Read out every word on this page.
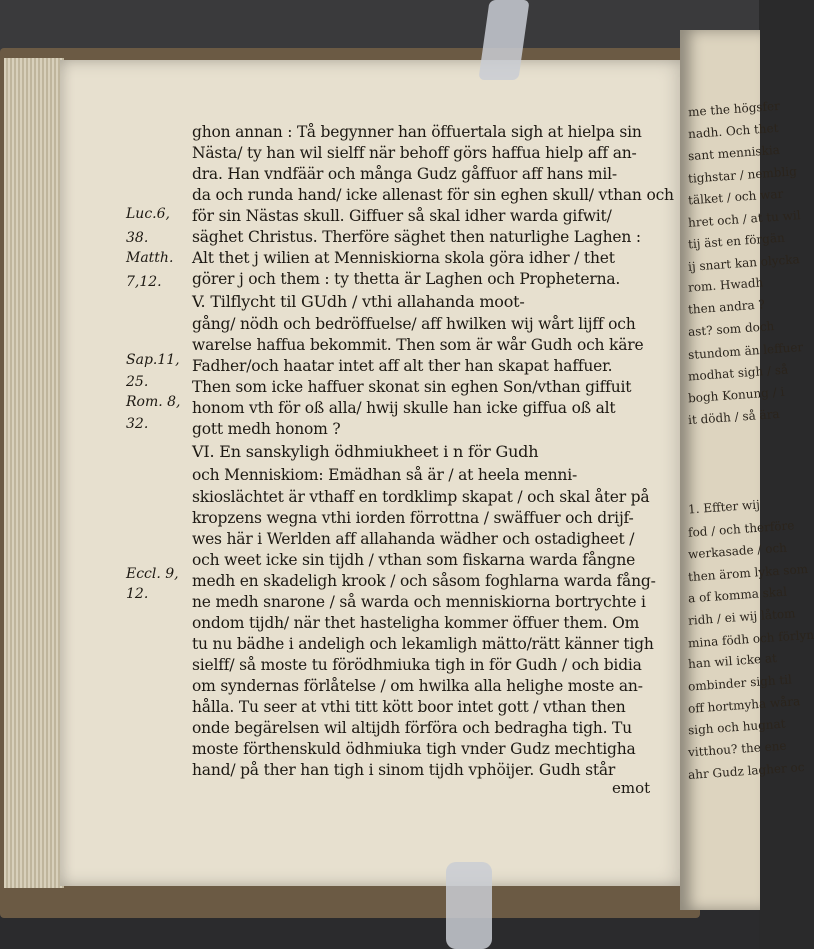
me the högsfer
nadh. Och thet
sant menniskia
tighstar / nemblig
tälket / och war
hret och / at tu wil
tij äst en förgän
ij snart kan olycka
rom. Hwadh
then andra ?
ast? som doch
stundom än leffuer
modhat sigh / så
bogh Konung / i
it dödh / så ära
1. Effter wij
fod / och therföre
werkasade / och
then ärom lyka som
a of komma skal
ridh / ei wij låtom
mina födh och förlyn
han wil icke at
ombinder sigh til
off hortmyha wåra
sigh och hugnat
vitthou? the ene
ahr Gudz lagher oc
Luc.6,
38.
Matth.
7,12.
Sap.11,
25.
Rom. 8,
32.
Eccl. 9,
12.
ghon annan : Tå begynner han öffuertala sigh at hielpa sin
Nästa/ ty han wil sielff när behoff görs haffua hielp aff an-
dra. Han vndfäär och många Gudz gåffuor aff hans mil-
da och runda hand/ icke allenast för sin eghen skull/ vthan och
för sin Nästas skull. Giffuer så skal idher warda gifwit/
säghet Christus. Therföre säghet then naturlighe Laghen :
Alt thet j wilien at Menniskiorna skola göra idher / thet
görer j och them : ty thetta är Laghen och Propheterna.
V. Tilflycht til GUdh / vthi allahanda moot-
gång/ nödh och bedröffuelse/ aff hwilken wij wårt lijff och
warelse haffua bekommit. Then som är wår Gudh och käre
Fadher/och haatar intet aff alt ther han skapat haffuer.
Then som icke haffuer skonat sin eghen Son/vthan giffuit
honom vth för oß alla/ hwij skulle han icke giffua oß alt
gott medh honom ?
VI. En sanskyligh ödhmiukheet i n för Gudh
och Menniskiom: Emädhan så är / at heela menni-
skioslächtet är vthaff en tordklimp skapat / och skal åter på
kropzens wegna vthi iorden förrottna / swäffuer och drijf-
wes här i Werlden aff allahanda wädher och ostadigheet /
och weet icke sin tijdh / vthan som fiskarna warda fångne
medh en skadeligh krook / och såsom foghlarna warda fång-
ne medh snarone / så warda och menniskiorna bortrychte i
ondom tijdh/ när thet hasteligha kommer öffuer them. Om
tu nu bädhe i andeligh och lekamligh mätto/rätt känner tigh
sielff/ så moste tu förödhmiuka tigh in för Gudh / och bidia
om syndernas förlåtelse / om hwilka alla helighe moste an-
hålla. Tu seer at vthi titt kött boor intet gott / vthan then
onde begärelsen wil altijdh förföra och bedragha tigh. Tu
moste förthenskuld ödhmiuka tigh vnder Gudz mechtigha
hand/ på ther han tigh i sinom tijdh vphöijer. Gudh står
emot
